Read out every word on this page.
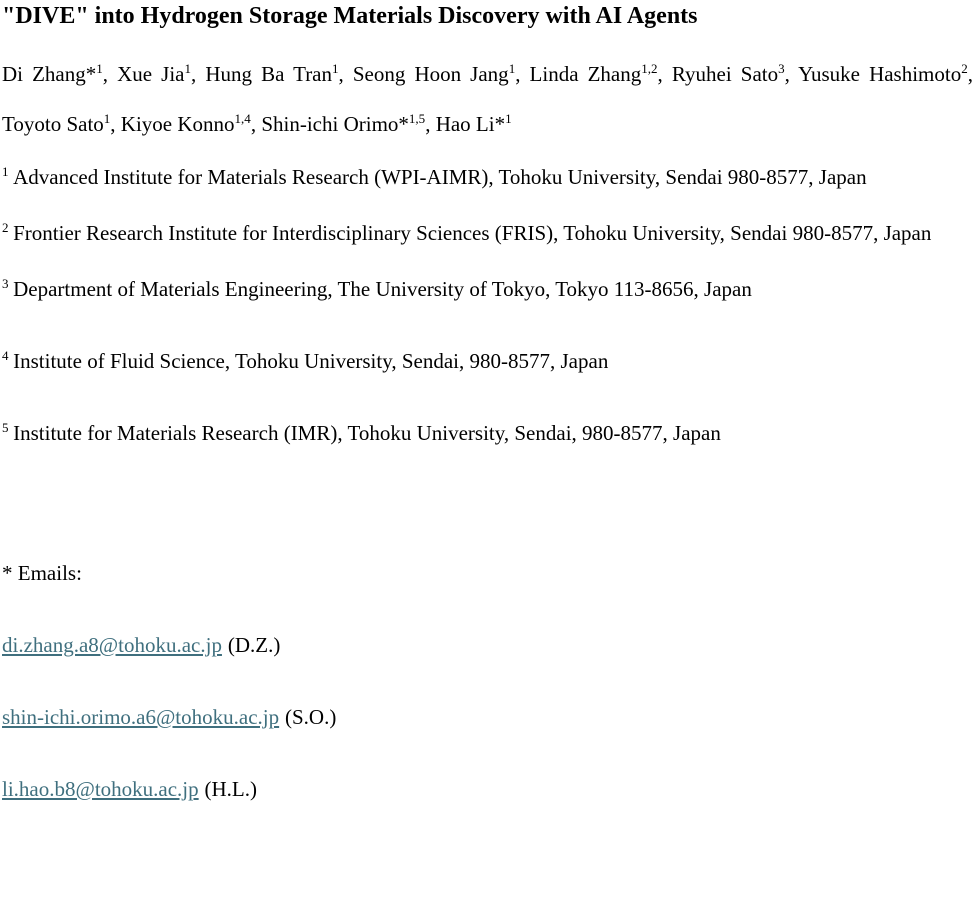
"DIVE" into Hydrogen Storage Materials Discovery with AI Agents

Di Zhang*$^1$, Xue Jia$^1$, Hung Ba Tran$^1$, Seong Hoon Jang$^1$, Linda Zhang$^{1,2}$, Ryuhei Sato$^3$, Yusuke Hashimoto$^2$, Toyoto Sato$^1$, Kiyoe Konno$^{1,4}$, Shin-ichi Orimo*$^{1,5}$, Hao Li*$^1$

$^1$ Advanced Institute for Materials Research (WPI-AIMR), Tohoku University, Sendai 980-8577, Japan

$^2$ Frontier Research Institute for Interdisciplinary Sciences (FRIS), Tohoku University, Sendai 980-8577, Japan

$^3$ Department of Materials Engineering, The University of Tokyo, Tokyo 113-8656, Japan

$^4$ Institute of Fluid Science, Tohoku University, Sendai, 980-8577, Japan

$^5$ Institute for Materials Research (IMR), Tohoku University, Sendai, 980-8577, Japan

* Emails:

di.zhang.a8@tohoku.ac.jp (D.Z.)

shin-ichi.orimo.a6@tohoku.ac.jp (S.O.)

li.hao.b8@tohoku.ac.jp (H.L.)
